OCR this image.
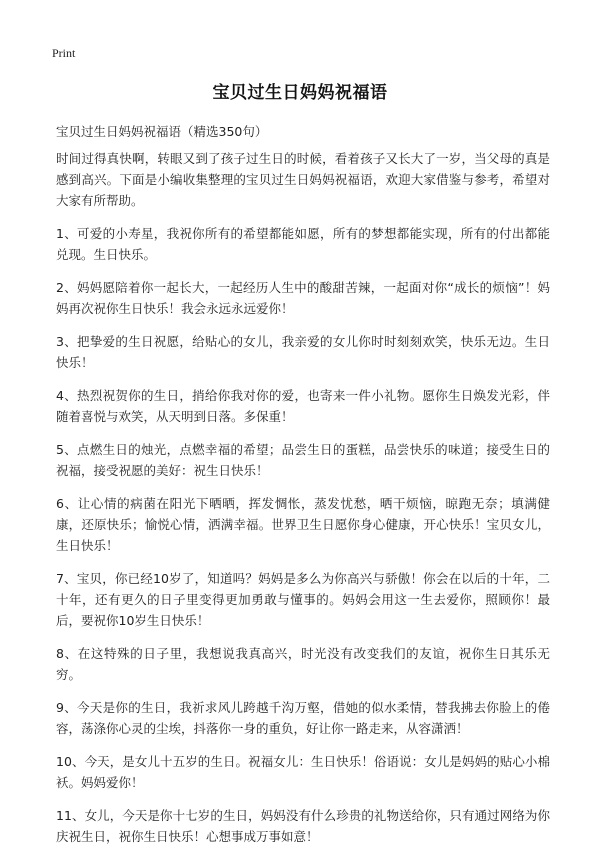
Print
宝贝过生日妈妈祝福语
宝贝过生日妈妈祝福语（精选350句）

时间过得真快啊，转眼又到了孩子过生日的时候，看着孩子又长大了一岁，当父母的真是感到高兴。下面是小编收集整理的宝贝过生日妈妈祝福语，欢迎大家借鉴与参考，希望对大家有所帮助。

1、可爱的小寿星，我祝你所有的希望都能如愿，所有的梦想都能实现，所有的付出都能兑现。生日快乐。

2、妈妈愿陪着你一起长大，一起经历人生中的酸甜苦辣，一起面对你“成长的烦恼”！妈妈再次祝你生日快乐！我会永远永远爱你！

3、把挚爱的生日祝愿，给贴心的女儿，我亲爱的女儿你时时刻刻欢笑，快乐无边。生日快乐！

4、热烈祝贺你的生日，捎给你我对你的爱，也寄来一件小礼物。愿你生日焕发光彩，伴随着喜悦与欢笑，从天明到日落。多保重！

5、点燃生日的烛光，点燃幸福的希望；品尝生日的蛋糕，品尝快乐的味道；接受生日的祝福，接受祝愿的美好：祝生日快乐！

6、让心情的病菌在阳光下晒晒，挥发惆怅，蒸发忧愁，晒干烦恼，晾跑无奈；填满健康，还原快乐；愉悦心情，洒满幸福。世界卫生日愿你身心健康，开心快乐！宝贝女儿，生日快乐！

7、宝贝，你已经10岁了，知道吗？妈妈是多么为你高兴与骄傲！你会在以后的十年，二十年，还有更久的日子里变得更加勇敢与懂事的。妈妈会用这一生去爱你，照顾你！最后，要祝你10岁生日快乐！

8、在这特殊的日子里，我想说我真高兴，时光没有改变我们的友谊，祝你生日其乐无穷。

9、今天是你的生日，我祈求风儿跨越千沟万壑，借她的似水柔情，替我拂去你脸上的倦容，荡涤你心灵的尘埃，抖落你一身的重负，好让你一路走来，从容潇洒！

10、今天，是女儿十五岁的生日。祝福女儿：生日快乐！俗语说：女儿是妈妈的贴心小棉袄。妈妈爱你！

11、女儿，今天是你十七岁的生日，妈妈没有什么珍贵的礼物送给你，只有通过网络为你庆祝生日，祝你生日快乐！心想事成万事如意！
